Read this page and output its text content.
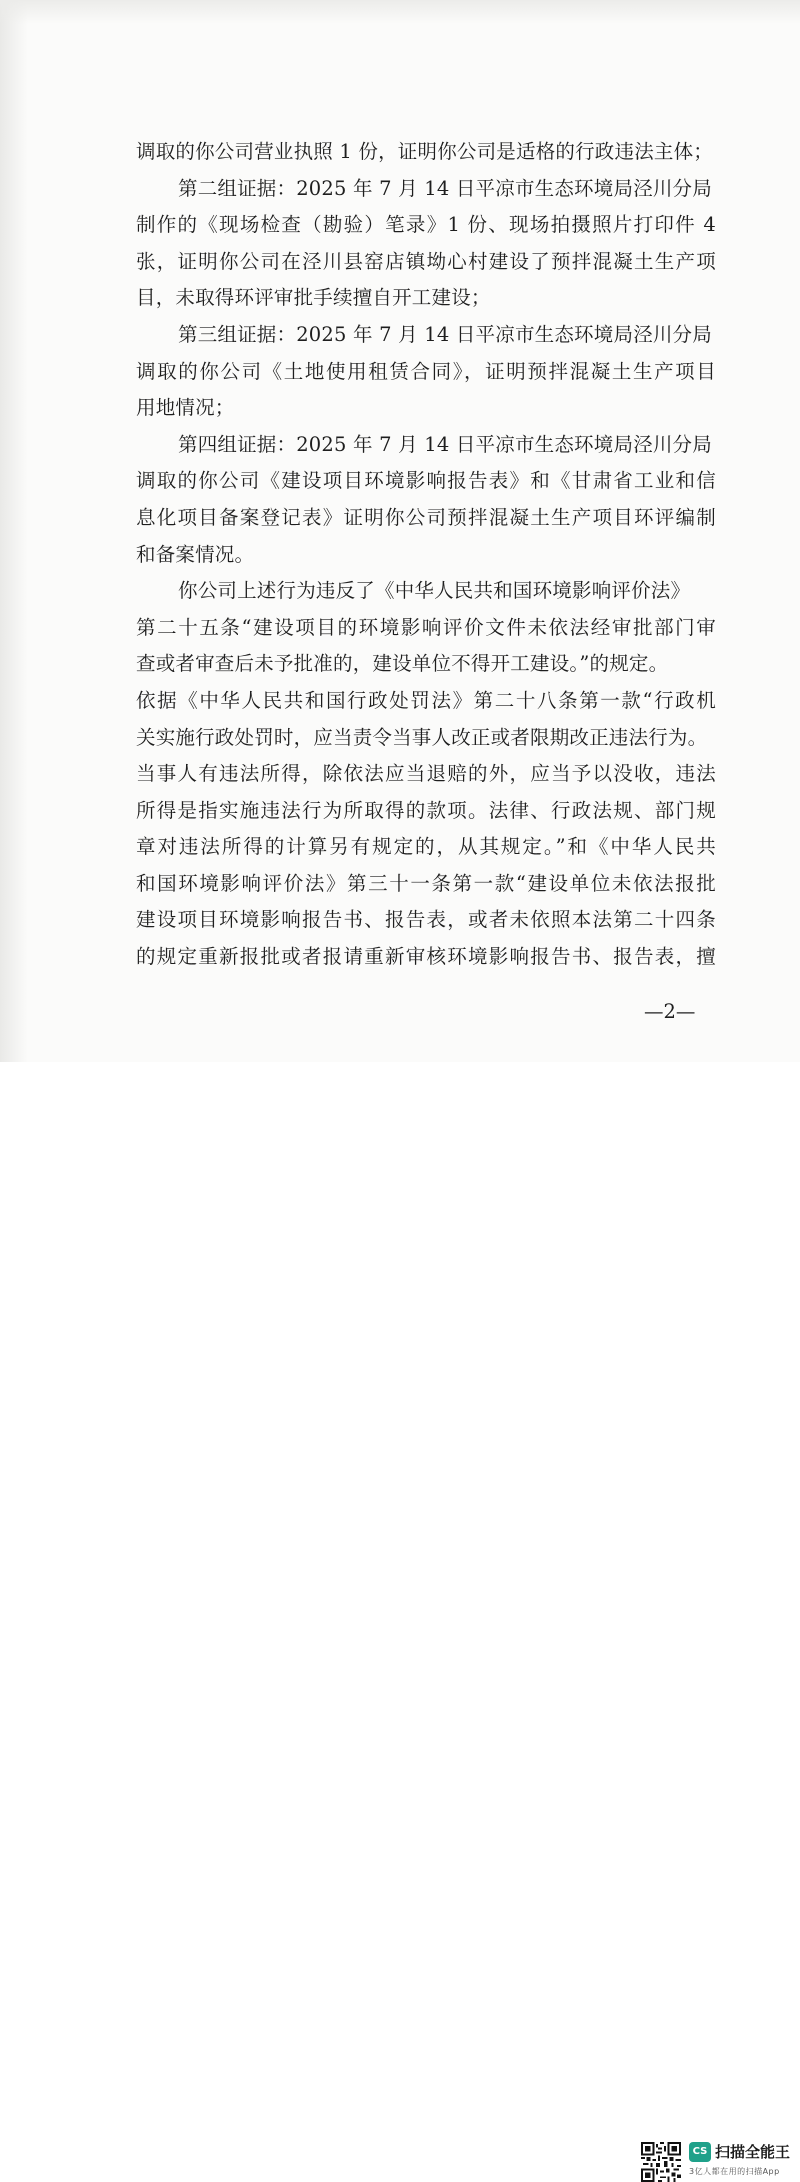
调取的你公司营业执照 1 份，证明你公司是适格的行政违法主体；
第二组证据：2025 年 7 月 14 日平凉市生态环境局泾川分局
制作的《现场检查（勘验）笔录》1 份、现场拍摄照片打印件 4
张，证明你公司在泾川县窑店镇坳心村建设了预拌混凝土生产项
目，未取得环评审批手续擅自开工建设；
第三组证据：2025 年 7 月 14 日平凉市生态环境局泾川分局
调取的你公司《土地使用租赁合同》，证明预拌混凝土生产项目
用地情况；
第四组证据：2025 年 7 月 14 日平凉市生态环境局泾川分局
调取的你公司《建设项目环境影响报告表》和《甘肃省工业和信
息化项目备案登记表》证明你公司预拌混凝土生产项目环评编制
和备案情况。
你公司上述行为违反了《中华人民共和国环境影响评价法》
第二十五条“建设项目的环境影响评价文件未依法经审批部门审
查或者审查后未予批准的，建设单位不得开工建设。”的规定。
依据《中华人民共和国行政处罚法》第二十八条第一款“行政机
关实施行政处罚时，应当责令当事人改正或者限期改正违法行为。
当事人有违法所得，除依法应当退赔的外，应当予以没收，违法
所得是指实施违法行为所取得的款项。法律、行政法规、部门规
章对违法所得的计算另有规定的，从其规定。”和《中华人民共
和国环境影响评价法》第三十一条第一款“建设单位未依法报批
建设项目环境影响报告书、报告表，或者未依照本法第二十四条
的规定重新报批或者报请重新审核环境影响报告书、报告表，擅
—2—
CS 扫描全能王
3亿人都在用的扫描App
